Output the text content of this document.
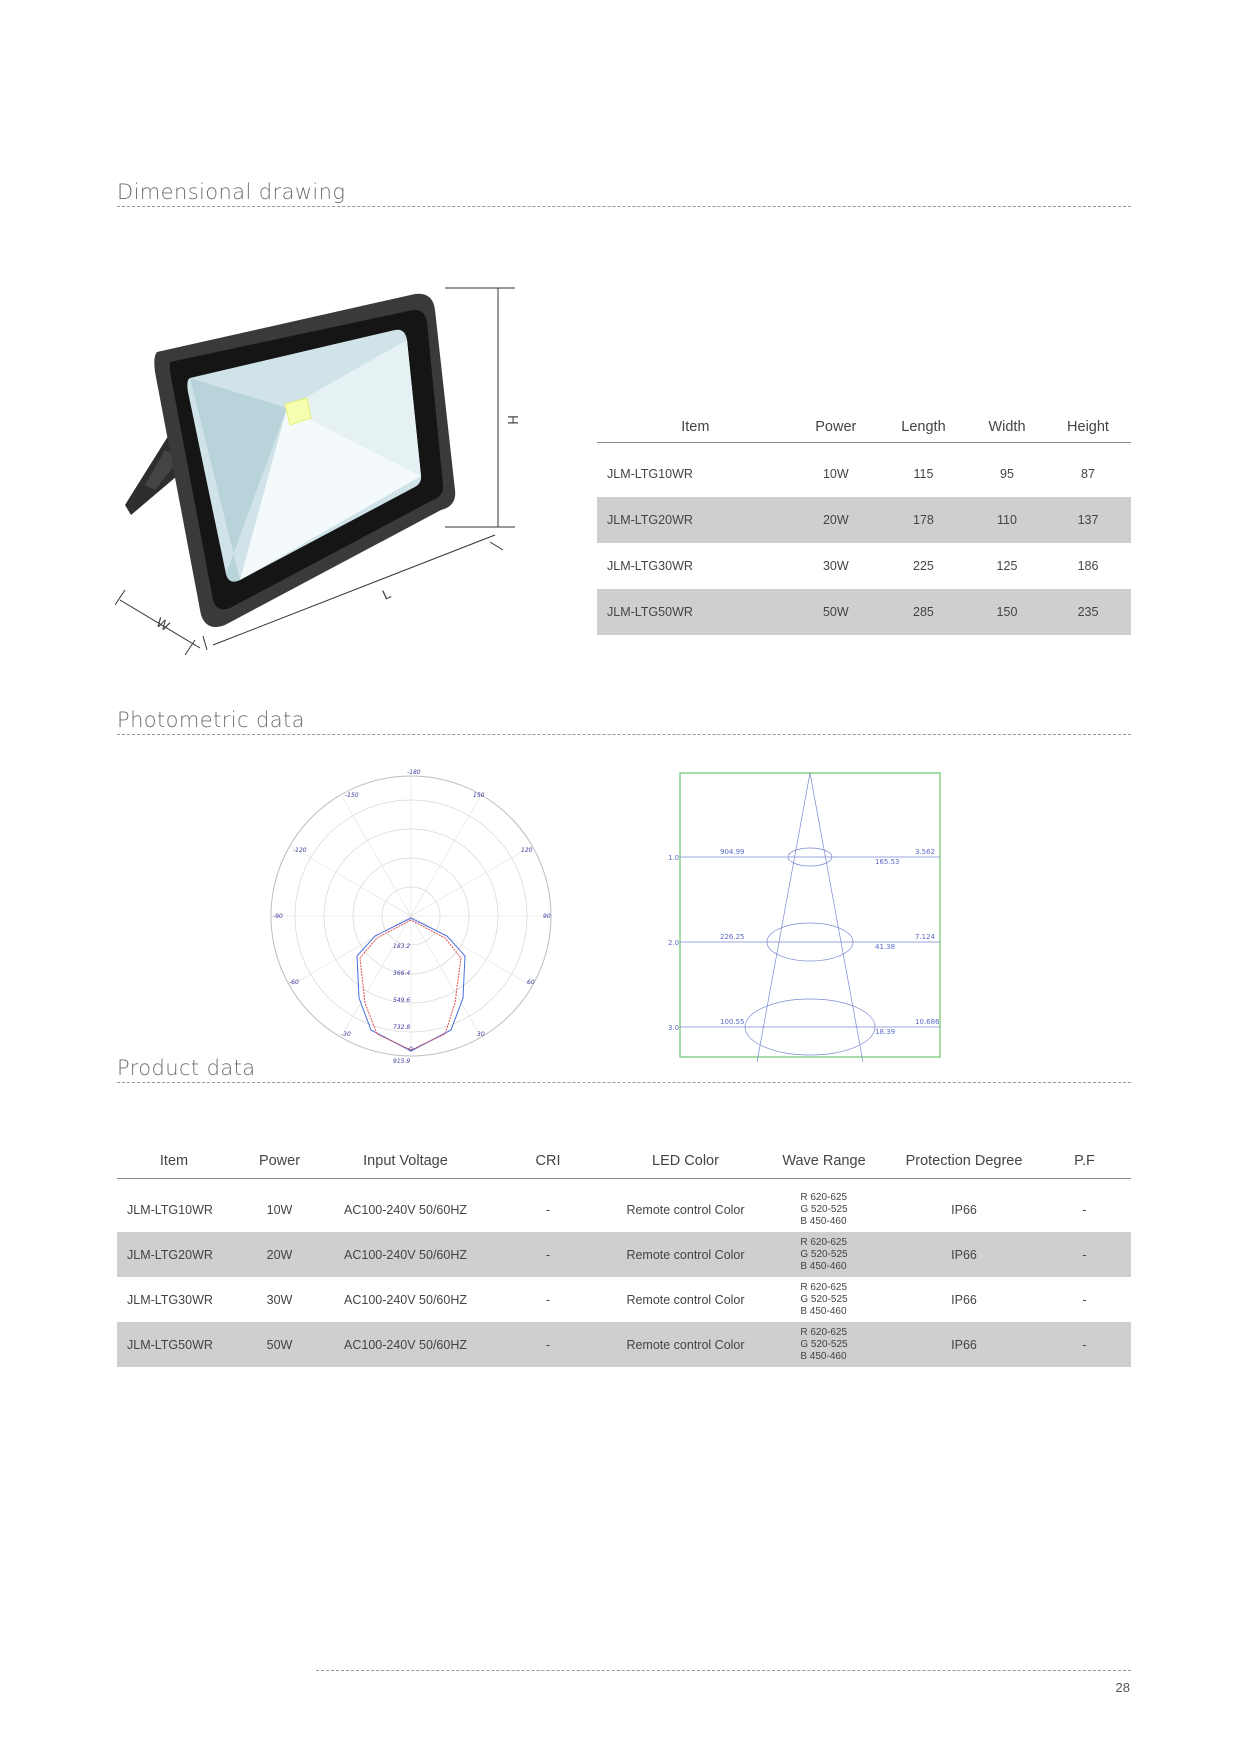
Dimensional drawing
Photometric data
Product data
H
L
W
Item	Power	Length	Width	Height

JLM-LTG10WR	10W	115	95	87
JLM-LTG20WR	20W	178	110	137
JLM-LTG30WR	30W	225	125	186
JLM-LTG50WR	50W	285	150	235
-180
-150	150
-120	120
-90	90
-60	60
-30	30
0
183.2
366.4
549.6
732.8
915.9
1.0
2.0
3.0
904.99
226.25
100.55
165.53
41.38
18.39
3.562
7.124
10.686
Item	Power	Input Voltage	CRI	LED Color	Wave Range	Protection Degree	P.F

JLM-LTG10WR	10W	AC100-240V 50/60HZ	-	Remote control Color	R 620-625
G 520-525
B 450-460	IP66	-
JLM-LTG20WR	20W	AC100-240V 50/60HZ	-	Remote control Color	R 620-625
G 520-525
B 450-460	IP66	-
JLM-LTG30WR	30W	AC100-240V 50/60HZ	-	Remote control Color	R 620-625
G 520-525
B 450-460	IP66	-
JLM-LTG50WR	50W	AC100-240V 50/60HZ	-	Remote control Color	R 620-625
G 520-525
B 450-460	IP66	-
28
